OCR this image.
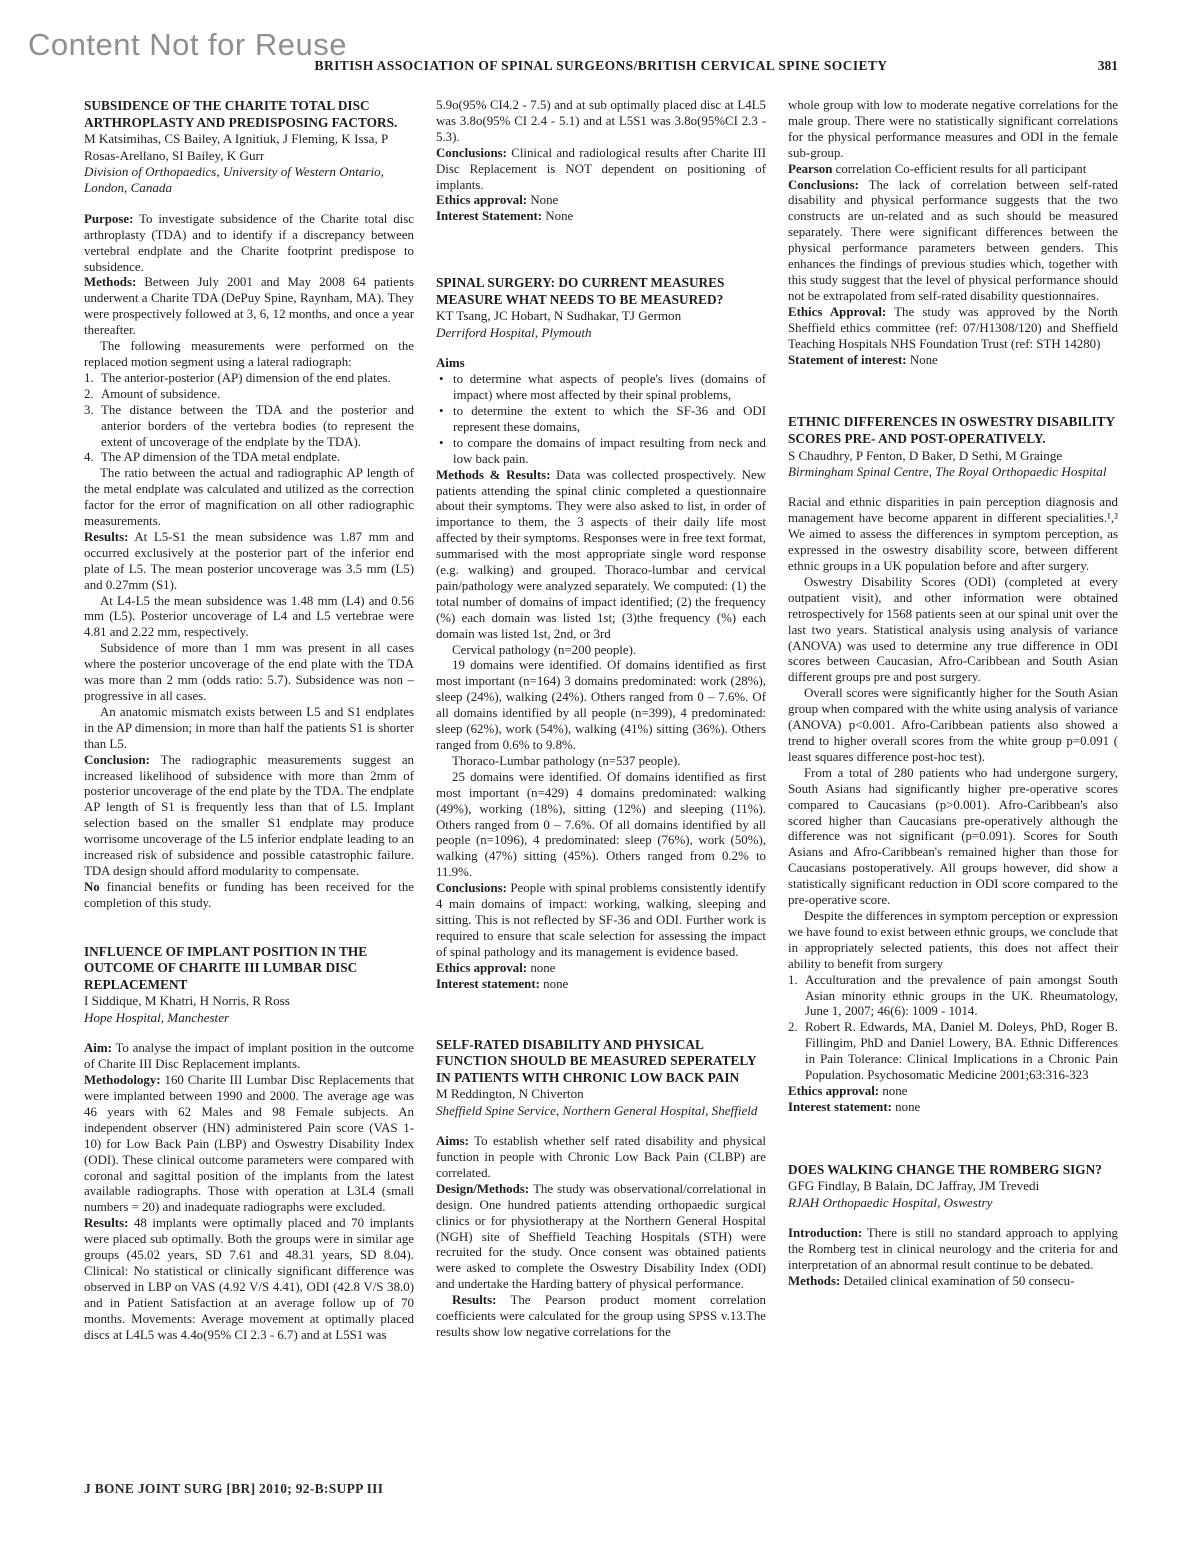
Content Not for Reuse
BRITISH ASSOCIATION OF SPINAL SURGEONS/BRITISH CERVICAL SPINE SOCIETY	381

SUBSIDENCE OF THE CHARITE TOTAL DISC ARTHROPLASTY AND PREDISPOSING FACTORS.

M Katsimihas, CS Bailey, A Ignitiuk, J Fleming, K Issa, P Rosas-Arellano, SI Bailey, K Gurr

Division of Orthopaedics, University of Western Ontario, London, Canada

Purpose: To investigate subsidence of the Charite total disc arthroplasty (TDA) and to identify if a discrepancy between vertebral endplate and the Charite footprint predispose to subsidence.

Methods: Between July 2001 and May 2008 64 patients underwent a Charite TDA (DePuy Spine, Raynham, MA). They were prospectively followed at 3, 6, 12 months, and once a year thereafter.

The following measurements were performed on the replaced motion segment using a lateral radiograph:

1. The anterior-posterior (AP) dimension of the end plates.

2. Amount of subsidence.

3. The distance between the TDA and the posterior and anterior borders of the vertebra bodies (to represent the extent of uncoverage of the endplate by the TDA).

4. The AP dimension of the TDA metal endplate.

The ratio between the actual and radiographic AP length of the metal endplate was calculated and utilized as the correction factor for the error of magnification on all other radiographic measurements.

Results: At L5-S1 the mean subsidence was 1.87 mm and occurred exclusively at the posterior part of the inferior end plate of L5. The mean posterior uncoverage was 3.5 mm (L5) and 0.27mm (S1).

At L4-L5 the mean subsidence was 1.48 mm (L4) and 0.56 mm (L5). Posterior uncoverage of L4 and L5 vertebrae were 4.81 and 2.22 mm, respectively.

Subsidence of more than 1 mm was present in all cases where the posterior uncoverage of the end plate with the TDA was more than 2 mm (odds ratio: 5.7). Subsidence was non – progressive in all cases.

An anatomic mismatch exists between L5 and S1 endplates in the AP dimension; in more than half the patients S1 is shorter than L5.

Conclusion: The radiographic measurements suggest an increased likelihood of subsidence with more than 2mm of posterior uncoverage of the end plate by the TDA. The endplate AP length of S1 is frequently less than that of L5. Implant selection based on the smaller S1 endplate may produce worrisome uncoverage of the L5 inferior endplate leading to an increased risk of subsidence and possible catastrophic failure. TDA design should afford modularity to compensate.

No financial benefits or funding has been received for the completion of this study.

INFLUENCE OF IMPLANT POSITION IN THE OUTCOME OF CHARITE III LUMBAR DISC REPLACEMENT

I Siddique, M Khatri, H Norris, R Ross

Hope Hospital, Manchester

Aim: To analyse the impact of implant position in the outcome of Charite III Disc Replacement implants.

Methodology: 160 Charite III Lumbar Disc Replacements that were implanted between 1990 and 2000. The average age was 46 years with 62 Males and 98 Female subjects. An independent observer (HN) administered Pain score (VAS 1-10) for Low Back Pain (LBP) and Oswestry Disability Index (ODI). These clinical outcome parameters were compared with coronal and sagittal position of the implants from the latest available radiographs. Those with operation at L3L4 (small numbers = 20) and inadequate radiographs were excluded.

Results: 48 implants were optimally placed and 70 implants were placed sub optimally. Both the groups were in similar age groups (45.02 years, SD 7.61 and 48.31 years, SD 8.04). Clinical: No statistical or clinically significant difference was observed in LBP on VAS (4.92 V/S 4.41), ODI (42.8 V/S 38.0) and in Patient Satisfaction at an average follow up of 70 months. Movements: Average movement at optimally placed discs at L4L5 was 4.4o(95% CI 2.3 - 6.7) and at L5S1 was

5.9o(95% CI4.2 - 7.5) and at sub optimally placed disc at L4L5 was 3.8o(95% CI 2.4 - 5.1) and at L5S1 was 3.8o(95%CI 2.3 - 5.3).

Conclusions: Clinical and radiological results after Charite III Disc Replacement is NOT dependent on positioning of implants.

Ethics approval: None

Interest Statement: None

SPINAL SURGERY: DO CURRENT MEASURES MEASURE WHAT NEEDS TO BE MEASURED?

KT Tsang, JC Hobart, N Sudhakar, TJ Germon

Derriford Hospital, Plymouth

Aims

• to determine what aspects of people's lives (domains of impact) where most affected by their spinal problems,

• to determine the extent to which the SF-36 and ODI represent these domains,

• to compare the domains of impact resulting from neck and low back pain.

Methods & Results: Data was collected prospectively. New patients attending the spinal clinic completed a questionnaire about their symptoms. They were also asked to list, in order of importance to them, the 3 aspects of their daily life most affected by their symptoms. Responses were in free text format, summarised with the most appropriate single word response (e.g. walking) and grouped. Thoraco-lumbar and cervical pain/pathology were analyzed separately. We computed: (1) the total number of domains of impact identified; (2) the frequency (%) each domain was listed 1st; (3)the frequency (%) each domain was listed 1st, 2nd, or 3rd

Cervical pathology (n=200 people).

19 domains were identified. Of domains identified as first most important (n=164) 3 domains predominated: work (28%), sleep (24%), walking (24%). Others ranged from 0 – 7.6%. Of all domains identified by all people (n=399), 4 predominated: sleep (62%), work (54%), walking (41%) sitting (36%). Others ranged from 0.6% to 9.8%.

Thoraco-Lumbar pathology (n=537 people).

25 domains were identified. Of domains identified as first most important (n=429) 4 domains predominated: walking (49%), working (18%), sitting (12%) and sleeping (11%). Others ranged from 0 – 7.6%. Of all domains identified by all people (n=1096), 4 predominated: sleep (76%), work (50%), walking (47%) sitting (45%). Others ranged from 0.2% to 11.9%.

Conclusions: People with spinal problems consistently identify 4 main domains of impact: working, walking, sleeping and sitting. This is not reflected by SF-36 and ODI. Further work is required to ensure that scale selection for assessing the impact of spinal pathology and its management is evidence based.

Ethics approval: none

Interest statement: none

SELF-RATED DISABILITY AND PHYSICAL FUNCTION SHOULD BE MEASURED SEPERATELY IN PATIENTS WITH CHRONIC LOW BACK PAIN

M Reddington, N Chiverton

Sheffield Spine Service, Northern General Hospital, Sheffield

Aims: To establish whether self rated disability and physical function in people with Chronic Low Back Pain (CLBP) are correlated.

Design/Methods: The study was observational/correlational in design. One hundred patients attending orthopaedic surgical clinics or for physiotherapy at the Northern General Hospital (NGH) site of Sheffield Teaching Hospitals (STH) were recruited for the study. Once consent was obtained patients were asked to complete the Oswestry Disability Index (ODI) and undertake the Harding battery of physical performance.

Results: The Pearson product moment correlation coefficients were calculated for the group using SPSS v.13.The results show low negative correlations for the

whole group with low to moderate negative correlations for the male group. There were no statistically significant correlations for the physical performance measures and ODI in the female sub-group.

Pearson correlation Co-efficient results for all participant

Conclusions: The lack of correlation between self-rated disability and physical performance suggests that the two constructs are un-related and as such should be measured separately. There were significant differences between the physical performance parameters between genders. This enhances the findings of previous studies which, together with this study suggest that the level of physical performance should not be extrapolated from self-rated disability questionnaires.

Ethics Approval: The study was approved by the North Sheffield ethics committee (ref: 07/H1308/120) and Sheffield Teaching Hospitals NHS Foundation Trust (ref: STH 14280)

Statement of interest: None

ETHNIC DIFFERENCES IN OSWESTRY DISABILITY SCORES PRE- AND POST-OPERATIVELY.

S Chaudhry, P Fenton, D Baker, D Sethi, M Grainge

Birmingham Spinal Centre, The Royal Orthopaedic Hospital

Racial and ethnic disparities in pain perception diagnosis and management have become apparent in different specialities.¹,² We aimed to assess the differences in symptom perception, as expressed in the oswestry disability score, between different ethnic groups in a UK population before and after surgery.

Oswestry Disability Scores (ODI) (completed at every outpatient visit), and other information were obtained retrospectively for 1568 patients seen at our spinal unit over the last two years. Statistical analysis using analysis of variance (ANOVA) was used to determine any true difference in ODI scores between Caucasian, Afro-Caribbean and South Asian different groups pre and post surgery.

Overall scores were significantly higher for the South Asian group when compared with the white using analysis of variance (ANOVA) p<0.001. Afro-Caribbean patients also showed a trend to higher overall scores from the white group p=0.091 ( least squares difference post-hoc test).

From a total of 280 patients who had undergone surgery, South Asians had significantly higher pre-operative scores compared to Caucasians (p>0.001). Afro-Caribbean's also scored higher than Caucasians pre-operatively although the difference was not significant (p=0.091). Scores for South Asians and Afro-Caribbean's remained higher than those for Caucasians postoperatively. All groups however, did show a statistically significant reduction in ODI score compared to the pre-operative score.

Despite the differences in symptom perception or expression we have found to exist between ethnic groups, we conclude that in appropriately selected patients, this does not affect their ability to benefit from surgery

1. Acculturation and the prevalence of pain amongst South Asian minority ethnic groups in the UK. Rheumatology, June 1, 2007; 46(6): 1009 - 1014.

2. Robert R. Edwards, MA, Daniel M. Doleys, PhD, Roger B. Fillingim, PhD and Daniel Lowery, BA. Ethnic Differences in Pain Tolerance: Clinical Implications in a Chronic Pain Population. Psychosomatic Medicine 2001;63:316-323

Ethics approval: none

Interest statement: none

DOES WALKING CHANGE THE ROMBERG SIGN?

GFG Findlay, B Balain, DC Jaffray, JM Trevedi

RJAH Orthopaedic Hospital, Oswestry

Introduction: There is still no standard approach to applying the Romberg test in clinical neurology and the criteria for and interpretation of an abnormal result continue to be debated.

Methods: Detailed clinical examination of 50 consecu-

J BONE JOINT SURG [BR] 2010; 92-B:SUPP III
